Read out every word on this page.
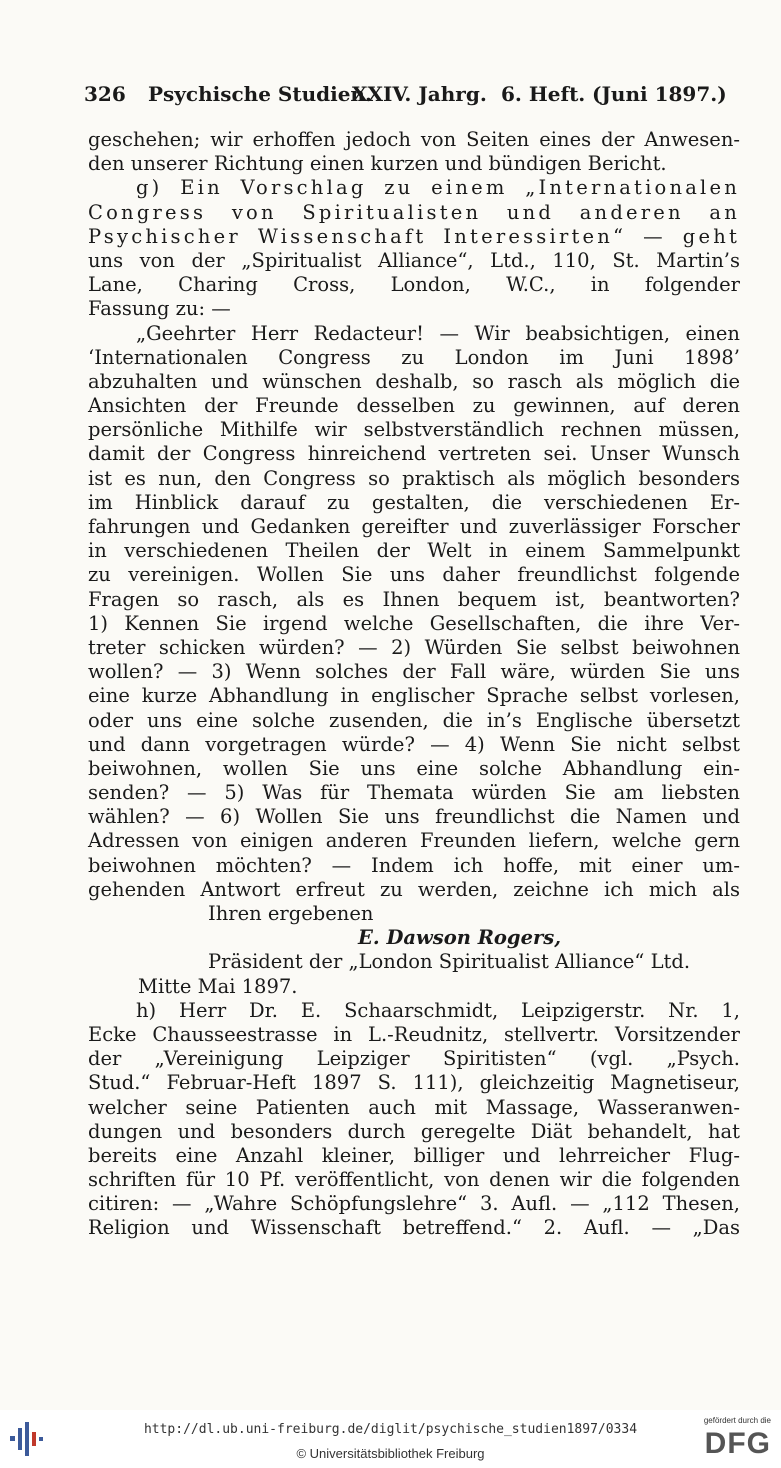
326 Psychische Studien.
XXIV. Jahrg. 6. Heft. (Juni 1897.)
geschehen; wir erhoffen jedoch von Seiten eines der Anwesen-
den unserer Richtung einen kurzen und bündigen Bericht.
g) Ein Vorschlag zu einem „Internationalen
Congress von Spiritualisten und anderen an
Psychischer Wissenschaft Interessirten“ — geht
uns von der „Spiritualist Alliance“, Ltd., 110, St. Martin’s
Lane, Charing Cross, London, W.C., in folgender
Fassung zu: —
„Geehrter Herr Redacteur! — Wir beabsichtigen, einen
‘Internationalen Congress zu London im Juni 1898’
abzuhalten und wünschen deshalb, so rasch als möglich die
Ansichten der Freunde desselben zu gewinnen, auf deren
persönliche Mithilfe wir selbstverständlich rechnen müssen,
damit der Congress hinreichend vertreten sei. Unser Wunsch
ist es nun, den Congress so praktisch als möglich besonders
im Hinblick darauf zu gestalten, die verschiedenen Er-
fahrungen und Gedanken gereifter und zuverlässiger Forscher
in verschiedenen Theilen der Welt in einem Sammelpunkt
zu vereinigen. Wollen Sie uns daher freundlichst folgende
Fragen so rasch, als es Ihnen bequem ist, beantworten?
1) Kennen Sie irgend welche Gesellschaften, die ihre Ver-
treter schicken würden? — 2) Würden Sie selbst beiwohnen
wollen? — 3) Wenn solches der Fall wäre, würden Sie uns
eine kurze Abhandlung in englischer Sprache selbst vorlesen,
oder uns eine solche zusenden, die in’s Englische übersetzt
und dann vorgetragen würde? — 4) Wenn Sie nicht selbst
beiwohnen, wollen Sie uns eine solche Abhandlung ein-
senden? — 5) Was für Themata würden Sie am liebsten
wählen? — 6) Wollen Sie uns freundlichst die Namen und
Adressen von einigen anderen Freunden liefern, welche gern
beiwohnen möchten? — Indem ich hoffe, mit einer um-
gehenden Antwort erfreut zu werden, zeichne ich mich als
Ihren ergebenen
E. Dawson Rogers,
Präsident der „London Spiritualist Alliance“ Ltd.
Mitte Mai 1897.
h) Herr Dr. E. Schaarschmidt, Leipzigerstr. Nr. 1,
Ecke Chausseestrasse in L.-Reudnitz, stellvertr. Vorsitzender
der „Vereinigung Leipziger Spiritisten“ (vgl. „Psych.
Stud.“ Februar-Heft 1897 S. 111), gleichzeitig Magnetiseur,
welcher seine Patienten auch mit Massage, Wasseranwen-
dungen und besonders durch geregelte Diät behandelt, hat
bereits eine Anzahl kleiner, billiger und lehrreicher Flug-
schriften für 10 Pf. veröffentlicht, von denen wir die folgenden
citiren: — „Wahre Schöpfungslehre“ 3. Aufl. — „112 Thesen,
Religion und Wissenschaft betreffend.“ 2. Aufl. — „Das
http://dl.ub.uni-freiburg.de/diglit/psychische_studien1897/0334
© Universitätsbibliothek Freiburg
gefördert durch die
DFG
